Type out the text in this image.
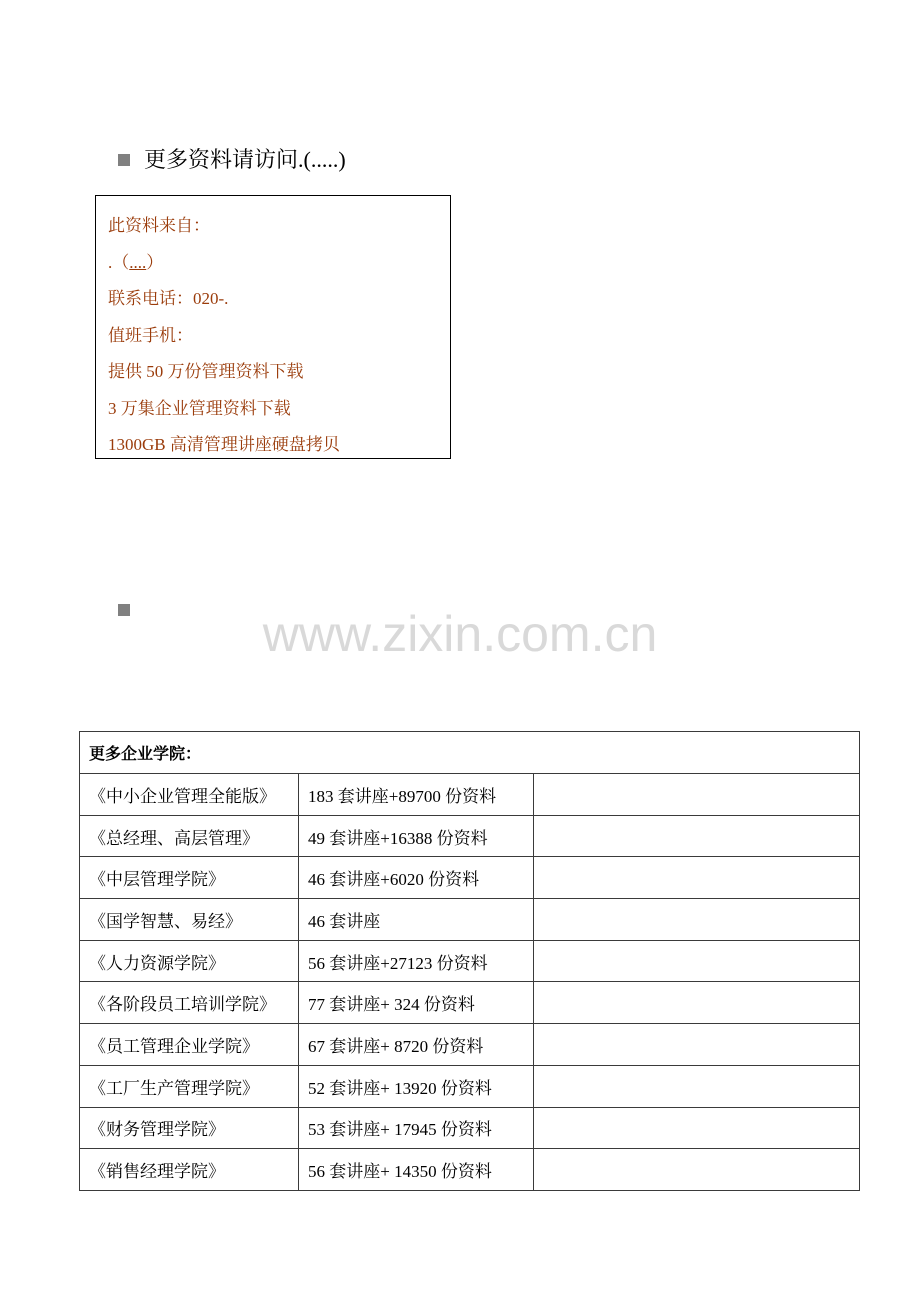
更多资料请访问.(.....)
此资料来自：
.（....）
联系电话：020-.
值班手机：
提供 50 万份管理资料下载
3 万集企业管理资料下载
1300GB 高清管理讲座硬盘拷贝
www.zixin.com.cn
更多企业学院：		
《中小企业管理全能版》	183 套讲座+89700 份资料	
《总经理、高层管理》	49 套讲座+16388 份资料	
《中层管理学院》	46 套讲座+6020 份资料	
《国学智慧、易经》	46 套讲座	
《人力资源学院》	56 套讲座+27123 份资料	
《各阶段员工培训学院》	77 套讲座+ 324 份资料	
《员工管理企业学院》	67 套讲座+ 8720 份资料	
《工厂生产管理学院》	52 套讲座+ 13920 份资料	
《财务管理学院》	53 套讲座+ 17945 份资料	
《销售经理学院》	56 套讲座+ 14350 份资料	
